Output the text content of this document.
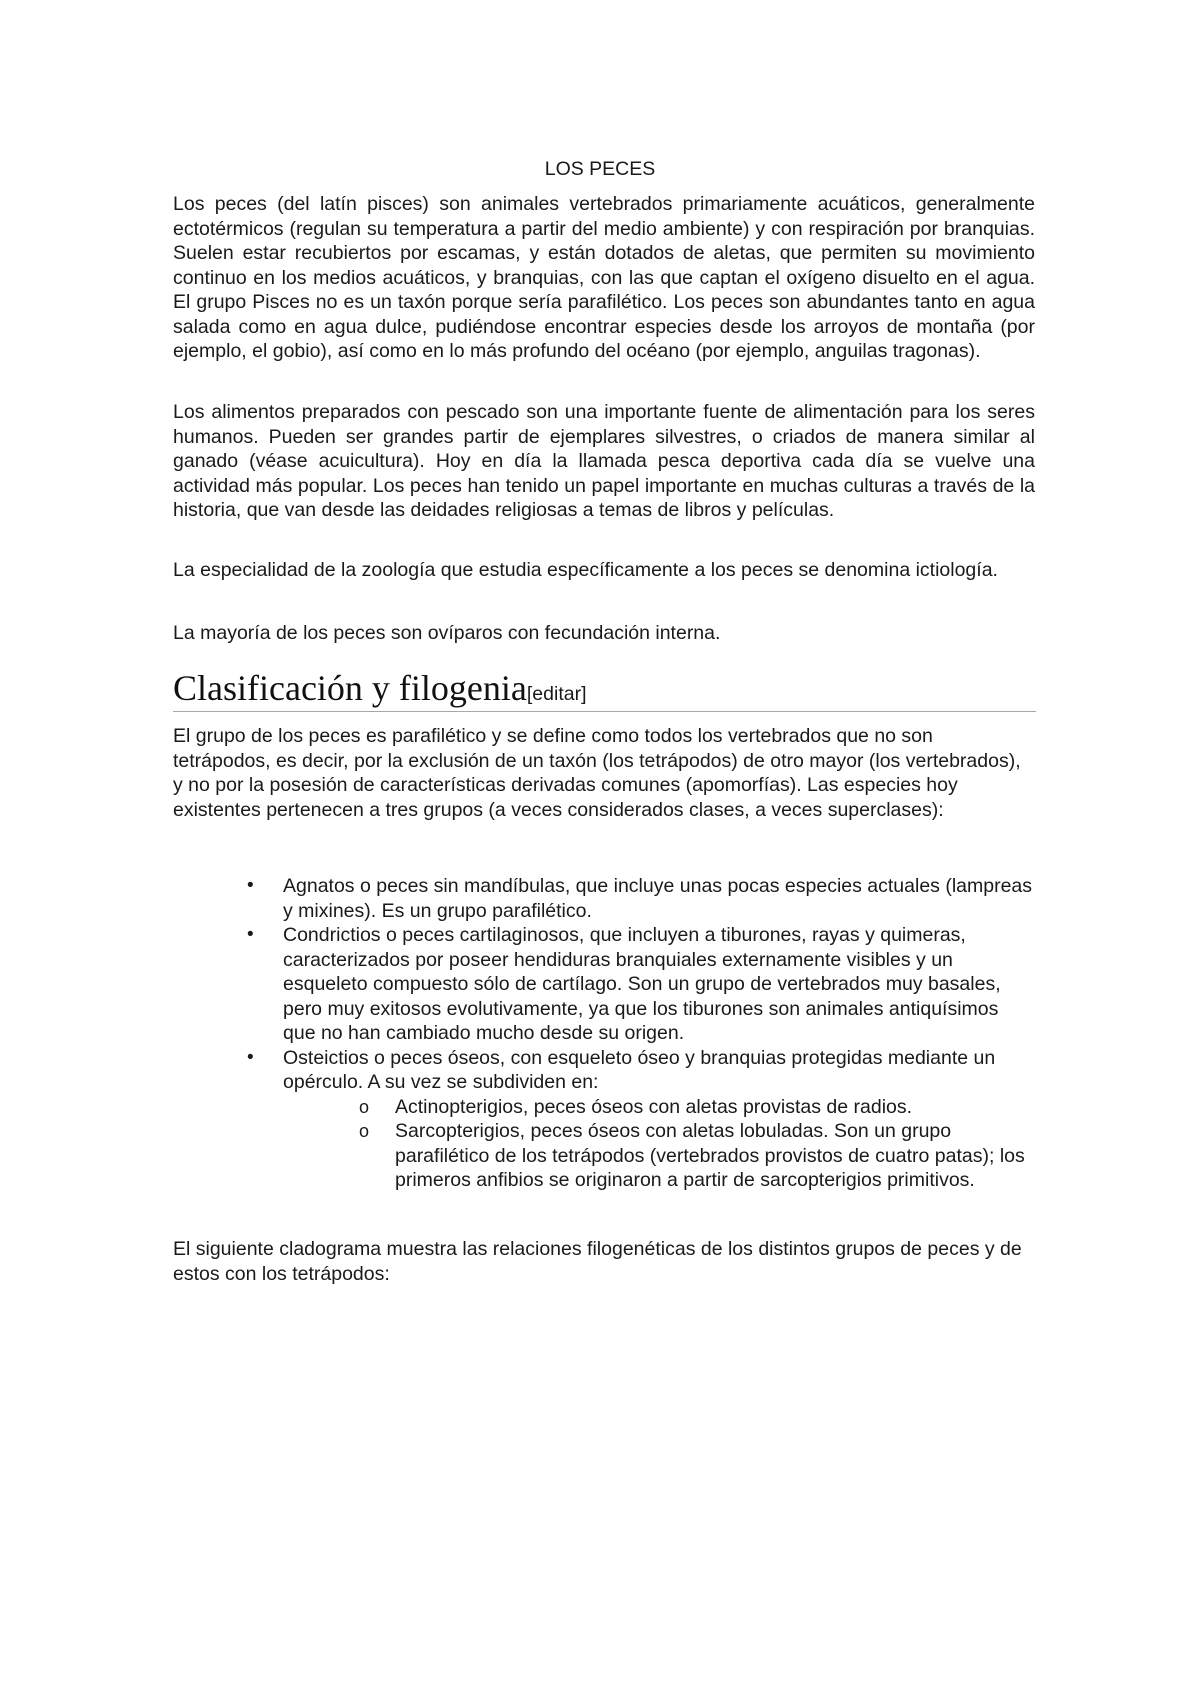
LOS PECES

Los peces (del latín pisces) son animales vertebrados primariamente acuáticos, generalmente ectotérmicos (regulan su temperatura a partir del medio ambiente) y con respiración por branquias. Suelen estar recubiertos por escamas, y están dotados de aletas, que permiten su movimiento continuo en los medios acuáticos, y branquias, con las que captan el oxígeno disuelto en el agua. El grupo Pisces no es un taxón porque sería parafilético. Los peces son abundantes tanto en agua salada como en agua dulce, pudiéndose encontrar especies desde los arroyos de montaña (por ejemplo, el gobio), así como en lo más profundo del océano (por ejemplo, anguilas tragonas).

Los alimentos preparados con pescado son una importante fuente de alimentación para los seres humanos. Pueden ser grandes partir de ejemplares silvestres, o criados de manera similar al ganado (véase acuicultura). Hoy en día la llamada pesca deportiva cada día se vuelve una actividad más popular. Los peces han tenido un papel importante en muchas culturas a través de la historia, que van desde las deidades religiosas a temas de libros y películas.

La especialidad de la zoología que estudia específicamente a los peces se denomina ictiología.

La mayoría de los peces son ovíparos con fecundación interna.

Clasificación y filogenia[editar]

El grupo de los peces es parafilético y se define como todos los vertebrados que no son tetrápodos, es decir, por la exclusión de un taxón (los tetrápodos) de otro mayor (los vertebrados), y no por la posesión de características derivadas comunes (apomorfías). Las especies hoy existentes pertenecen a tres grupos (a veces considerados clases, a veces superclases):

• Agnatos o peces sin mandíbulas, que incluye unas pocas especies actuales (lampreas y mixines). Es un grupo parafilético.
• Condrictios o peces cartilaginosos, que incluyen a tiburones, rayas y quimeras, caracterizados por poseer hendiduras branquiales externamente visibles y un esqueleto compuesto sólo de cartílago. Son un grupo de vertebrados muy basales, pero muy exitosos evolutivamente, ya que los tiburones son animales antiquísimos que no han cambiado mucho desde su origen.
• Osteictios o peces óseos, con esqueleto óseo y branquias protegidas mediante un opérculo. A su vez se subdividen en:
o Actinopterigios, peces óseos con aletas provistas de radios.
o Sarcopterigios, peces óseos con aletas lobuladas. Son un grupo parafilético de los tetrápodos (vertebrados provistos de cuatro patas); los primeros anfibios se originaron a partir de sarcopterigios primitivos.

El siguiente cladograma muestra las relaciones filogenéticas de los distintos grupos de peces y de estos con los tetrápodos:
